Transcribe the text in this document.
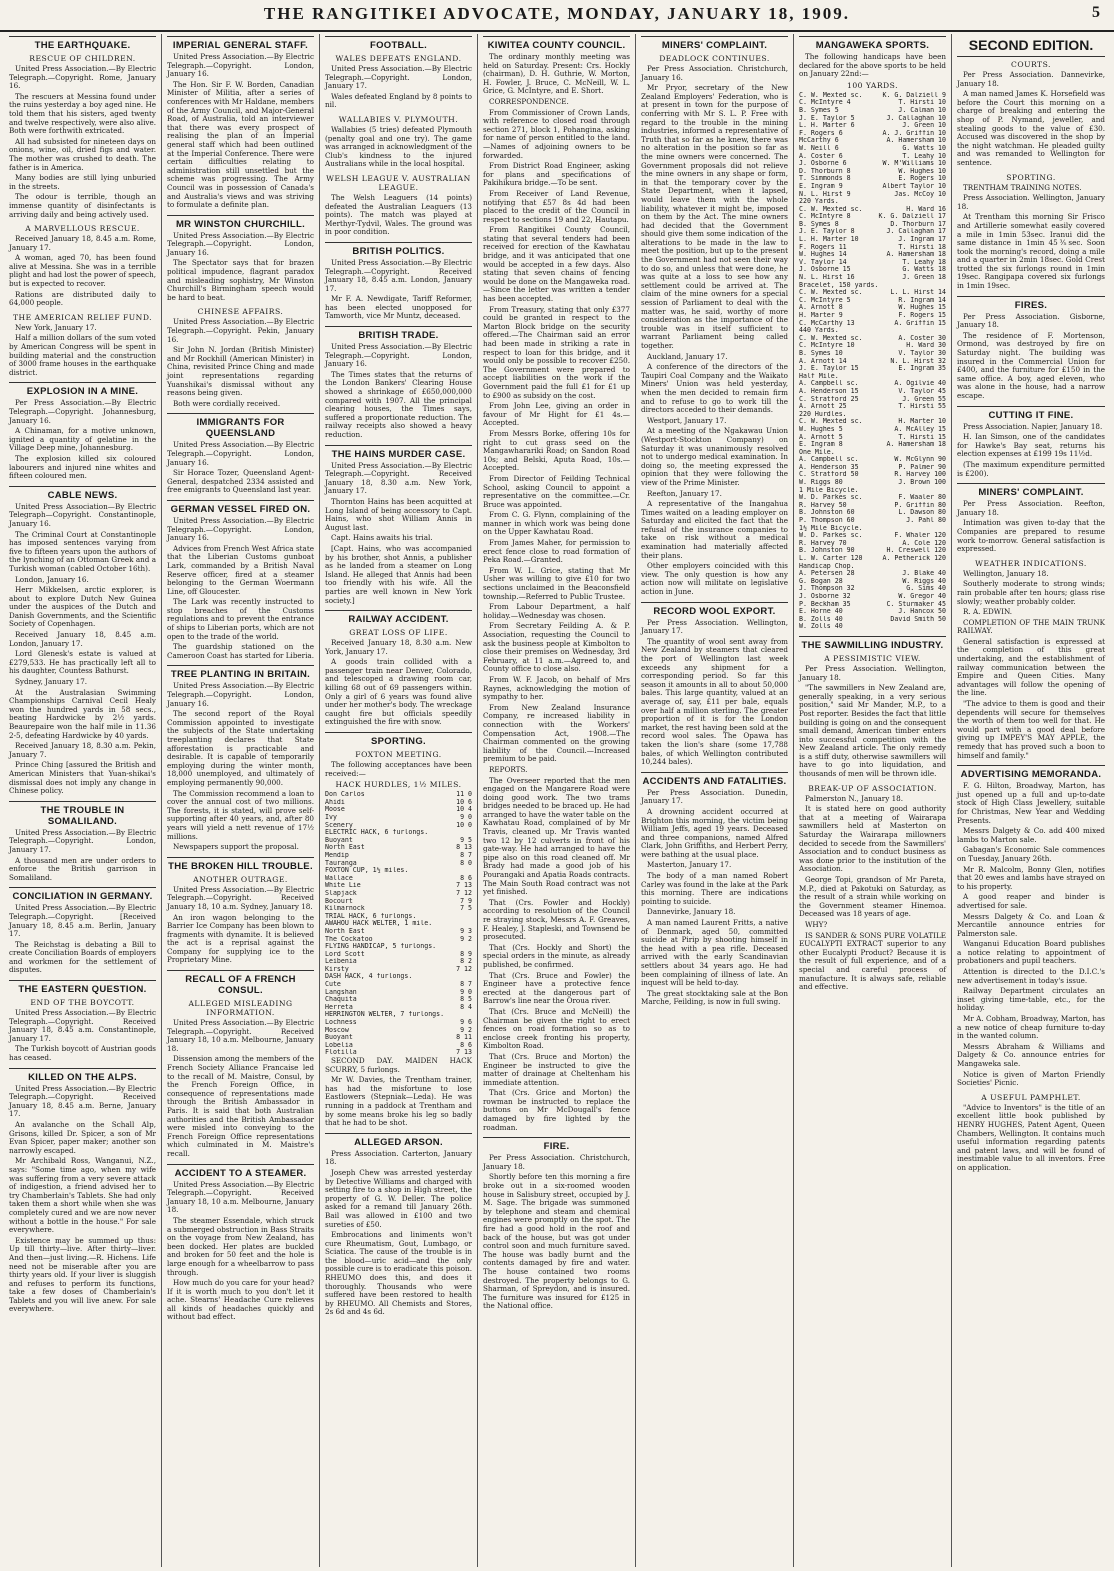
THE RANGITIKEI ADVOCATE, MONDAY, JANUARY 18, 1909.	5
THE EARTHQUAKE.
RESCUE OF CHILDREN.

United Press Association.—By Electric Telegraph.—Copyright. Rome, January 16.

The rescuers at Messina found under the ruins yesterday a boy aged nine. He told them that his sisters, aged twenty and twelve respectively, were also alive. Both were forthwith extricated.

All had subsisted for nineteen days on onions, wine, oil, dried figs and water. The mother was crushed to death. The father is in America.

Many bodies are still lying unburied in the streets.

The odour is terrible, though an immense quantity of disinfectants is arriving daily and being actively used.

A MARVELLOUS RESCUE.

Received January 18, 8.45 a.m. Rome, January 17.

A woman, aged 70, has been found alive at Messina. She was in a terrible plight and had lost the power of speech, but is expected to recover.

Rations are distributed daily to 64,000 people.

THE AMERICAN RELIEF FUND.

New York, January 17.

Half a million dollars of the sum voted by American Congress will be spent in building material and the construction of 3000 frame houses in the earthquake district.

EXPLOSION IN A MINE.

Per Press Association.—By Electric Telegraph.—Copyright. Johannesburg, January 16.

A Chinaman, for a motive unknown, ignited a quantity of gelatine in the Village Deep mine, Johannesburg.

The explosion killed six coloured labourers and injured nine whites and fifteen coloured men.

CABLE NEWS.

United Press Association—By Electric Telegraph—Copyright. Constantinople, January 16.

The Criminal Court at Constantinople has imposed sentences varying from five to fifteen years upon the authors of the lynching of an Ottoman Greek and a Turkish woman (cabled October 16th).

London, January 16.

Herr Mikkelsen, arctic explorer, is about to explore Dutch New Guinea under the auspices of the Dutch and Danish Governments, and the Scientific Society of Copenhagen.

Received January 18, 8.45 a.m. London, January 17.

Lord Glenesk's estate is valued at £279,533. He has practically left all to his daughter, Countess Bathurst.

Sydney, January 17.

At the Australasian Swimming Championships Carnival Cecil Healy won the hundred yards in 58 secs., beating Hardwicke by 2½ yards. Beaurepaire won the half mile in 11.36 2-5, defeating Hardwicke by 40 yards.

Received January 18, 8.30 a.m. Pekin, January 7.

Prince Ching [assured the British and American Ministers that Yuan-shikai's dismissal does not imply any change in Chinese policy.

THE TROUBLE IN SOMALILAND.

United Press Association.—By Electric Telegraph.—Copyright. London, January 17.

A thousand men are under orders to enforce the British garrison in Somaliland.

CONCILIATION IN GERMANY.

United Press Association.—By Electric Telegraph.—Copyright. [Received January 18, 8.45 a.m. Berlin, January 17.

The Reichstag is debating a Bill to create Conciliation Boards of employers and workmen for the settlement of disputes.

THE EASTERN QUESTION.
END OF THE BOYCOTT.

United Press Association.—By Electric Telegraph.—Copyright. Received January 18, 8.45 a.m. Constantinople, January 17.

The Turkish boycott of Austrian goods has ceased.

KILLED ON THE ALPS.

United Press Association.—By Electric Telegraph.—Copyright. Received January 18, 8.45 a.m. Berne, January 17.

An avalanche on the Schall Alp, Grisons, killed Dr. Spicer, a son of Mr Evan Spicer, paper maker; another son narrowly escaped.

Mr Archibald Ross, Wanganui, N.Z., says: "Some time ago, when my wife was suffering from a very severe attack of indigestion, a friend advised her to try Chamberlain's Tablets. She had only taken them a short while when she was completely cured and we are now never without a bottle in the house." For sale everywhere.

Existence may be summed up thus: Up till thirty—live. After thirty—liver. And then—just living.—R. Hichens. Life need not be miserable after you are thirty years old. If your liver is sluggish and refuses to perform its functions, take a few doses of Chamberlain's Tablets and you will live anew. For sale everywhere.

IMPERIAL GENERAL STAFF.

United Press Association.—By Electric Telegraph.—Copyright. London, January 16.

The Hon. Sir F. W. Borden, Canadian Minister of Militia, after a series of conferences with Mr Haldane, members of the Army Council, and Major-General Road, of Australia, told an interviewer that there was every prospect of realising the plan of an Imperial general staff which had been outlined at the Imperial Conference. There were certain difficulties relating to administration still unsettled but the scheme was progressing. The Army Council was in possession of Canada's and Australia's views and was striving to formulate a definite plan.

MR WINSTON CHURCHILL.

United Press Association.—By Electric Telegraph.—Copyright. London, January 16.

The Spectator says that for brazen political impudence, flagrant paradox and misleading sophistry, Mr Winston Churchill's Birmingham speech would be hard to beat.

CHINESE AFFAIRS.

United Press Association.—By Electric Telegraph.—Copyright. Pekin, January 16.

Sir John N. Jordan (British Minister) and Mr Rockhill (American Minister) in China, revisited Prince Ching and made joint representations regarding Yuanshikai's dismissal without any reasons being given.

Both were cordially received.

IMMIGRANTS FOR QUEENSLAND

United Press Association.—By Electric Telegraph.—Copyright. London, January 16.

Sir Horace Tozer, Queensland Agent-General, despatched 2334 assisted and free emigrants to Queensland last year.

GERMAN VESSEL FIRED ON.

United Press Association.—By Electric Telegraph.—Copyright. London, January 16.

Advices from French West Africa state that the Liberian Customs gunboat Lark, commanded by a British Naval Reserve officer, fired at a steamer belonging to the German Woermann Line, off Gloucester.

The Lark was recently instructed to stop breaches of the Customs regulations and to prevent the entrance of ships to Liberian ports, which are not open to the trade of the world.

The guardship stationed on the Cameroon Coast has started for Liberia.

TREE PLANTING IN BRITAIN.

United Press Association.—By Electric Telegraph.—Copyright. London, January 16.

The second report of the Royal Commission appointed to investigate the subjects of the State undertaking treeplanting declares that State afforestation is practicable and desirable. It is capable of temporarily employing during the winter month, 18,000 unemployed, and ultimately of employing permanently 90,000.

The Commission recommend a loan to cover the annual cost of two millions. The forests, it is stated, will prove self-supporting after 40 years, and, after 80 years will yield a nett revenue of 17½ millions.

Newspapers support the proposal.

THE BROKEN HILL TROUBLE.
ANOTHER OUTRAGE.

United Press Association.—By Electric Telegraph.—Copyright. Received January 18, 10 a.m. Sydney, January 18.

An iron wagon belonging to the Barrier Ice Company has been blown to fragments with dynamite. It is believed the act is a reprisal against the Company for supplying ice to the Proprietary Mine.

RECALL OF A FRENCH CONSUL.
ALLEGED MISLEADING INFORMATION.

United Press Association.—By Electric Telegraph.—Copyright. Received January 18, 10 a.m. Melbourne, January 18.

Dissension among the members of the French Society Alliance Francaise led to the recall of M. Maistre, Consul, by the French Foreign Office, in consequence of representations made through the British Ambassador in Paris. It is said that both Australian authorities and the British Ambassador were misled into conveying to the French Foreign Office representations which culminated in M. Maistre's recall.

ACCIDENT TO A STEAMER.

United Press Association.—By Electric Telegraph.—Copyright. Received January 18, 10 a.m. Melbourne, January 18.

The steamer Essendale, which struck a submerged obstruction in Bass Straits on the voyage from New Zealand, has been docked. Her plates are buckled and broken for 50 feet and the hole is large enough for a wheelbarrow to pass through.

How much do you care for your head? If it is worth much to you don't let it ache. Stearns' Headache Cure relieves all kinds of headaches quickly and without bad effect.

FOOTBALL.
WALES DEFEATS ENGLAND.

United Press Association.—By Electric Telegraph.—Copyright. London, January 17.

Wales defeated England by 8 points to nil.

WALLABIES V. PLYMOUTH.

Wallabies (5 tries) defeated Plymouth (penalty goal and one try). The game was arranged in acknowledgment of the Club's kindness to the injured Australians while in the local hospital.

WELSH LEAGUE V. AUSTRALIAN LEAGUE.

The Welsh Leaguers (14 points) defeated the Australian Leaguers (13 points). The match was played at Merthyr-Tydvil, Wales. The ground was in poor condition.

BRITISH POLITICS.

United Press Association.—By Electric Telegraph.—Copyright. Received January 18, 8.45 a.m. London, January 17.

Mr F. A. Newdigate, Tariff Reformer, has been elected unopposed for Tamworth, vice Mr Muntz, deceased.

BRITISH TRADE.

United Press Association.—By Electric Telegraph.—Copyright. London, January 16.

The Times states that the returns of the London Bankers' Clearing House showed a shrinkage of £650,000,000 compared with 1907. All the principal clearing houses, the Times says, suffered a proportionate reduction. The railway receipts also showed a heavy reduction.

THE HAINS MURDER CASE.

United Press Association.—By Electric Telegraph.—Copyright. Received January 18, 8.30 a.m. New York, January 17.

Thornton Hains has been acquitted at Long Island of being accessory to Capt. Hains, who shot William Annis in August last.

Capt. Hains awaits his trial.

[Capt. Hains, who was accompanied by his brother, shot Annis, a publisher as he landed from a steamer on Long Island. He alleged that Annis had been too friendly with his wife. All the parties are well known in New York society.]

RAILWAY ACCIDENT.
GREAT LOSS OF LIFE.

Received January 18, 8.30 a.m. New York, January 17.

A goods train collided with a passenger train near Denver, Colorado, and telescoped a drawing room car, killing 68 out of 69 passengers within. Only a girl of 6 years was found alive under her mother's body. The wreckage caught fire but officials speedily extinguished the fire with snow.

SPORTING.
FOXTON MEETING.

The following acceptances have been received:—

HACK HURDLES, 1½ MILES.
Don Carlos	11 0
Ahidi	10 6
Moose	10 4
Ivy	9 0
Scenery	10 0
ELECTRIC HACK, 6 furlongs.
Buoyant	9 5
North East	8 13
Mendip	8 7
Tauranga	8 0
FOXTON CUP, 1½ miles.
Wallace	8 6
White Lie	7 13
Slapjack	7 12
Bocourt	7 9
Kilmarnock	7 5
TRIAL HACK, 6 furlongs.
AWAHOU HACK WELTER, 1 mile.
North East	9 3
The Cockatoo	9 2
FLYING HANDICAP, 5 furlongs.
Lord Scott	8 9
Leibenia	8 2
Kirsty	7 12
DASH HACK, 4 furlongs.
Cute	8 7
Langshan	9 0
Chaquita	8 5
Herreta	8 4
HERRINGTON WELTER, 7 furlongs.
Lochness	9 6
Moscow	9 2
Buoyant	8 11
Lobelia	8 6
Flotilla	7 13

SECOND DAY. MAIDEN HACK SCURRY, 5 furlongs.

Mr W. Davies, the Trentham trainer, has had the misfortune to lose Eastlowers (Stepniak—Leda). He was running in a paddock at Trentham and by some means broke his leg so badly that he had to be shot.

ALLEGED ARSON.

Press Association. Carterton, January 18.

Joseph Chew was arrested yesterday by Detective Williams and charged with setting fire to a shop in High street, the property of G. W. Deller. The police asked for a remand till January 26th. Bail was allowed in £100 and two sureties of £50.

Embrocations and liniments won't cure Rheumatism, Gout, Lumbago, or Sciatica. The cause of the trouble is in the blood—uric acid—and the only possible cure is to eradicate this poison. RHEUMO does this, and does it thoroughly. Thousands who were suffered have been restored to health by RHEUMO. All Chemists and Stores, 2s 6d and 4s 6d.

KIWITEA COUNTY COUNCIL.

The ordinary monthly meeting was held on Saturday. Present: Crs. Hockly (chairman), D. H. Guthrie, W. Morton, H. Fowler, J. Bruce, C. McNeill, W. L. Grice, G. McIntyre, and E. Short.

CORRESPONDENCE.

From Commissioner of Crown Lands, with reference to closed road through section 271, block 1, Pohangina, asking for name of person entitled to the land.—Names of adjoining owners to be forwarded.

From District Road Engineer, asking for plans and specifications of Pakihikura bridge.—To be sent.

From Receiver of Land Revenue, notifying that £57 8s 4d had been placed to the credit of the Council in respect to sections 19 and 22, Hautapu.

From Rangitikei County Council, stating that several tenders had been received for erection of the Kawhatau bridge, and it was anticipated that one would be accepted in a few days. Also stating that seven chains of fencing would be done on the Mangaweka road.—Since the letter was written a tender has been accepted.

From Treasury, stating that only £377 could be granted in respect to the Marton Block bridge on the security offered.—The Chairman said an error had been made in striking a rate in respect to loan for this bridge, and it would only be possible to recover £250. The Government were prepared to accept liabilities on the work if the Government paid the full £1 for £1 up to £900 as subsidy on the cost.

From John Lee, giving an order in favour of Mr Hight for £1 4s.—Accepted.

From Messrs Borke, offering 10s for right to cut grass seed on the Mangawharariki Road; on Sandon Road 10s; and Belski, Aputa Road, 10s.—Accepted.

From Director of Feilding Technical School, asking Council to appoint a representative on the committee.—Cr. Bruce was appointed.

From C. G. Flynn, complaining of the manner in which work was being done on the Upper Kawhatau Road.

From James Maher, for permission to erect fence close to road formation of Peka Road.—Granted.

From W. L. Grice, stating that Mr Usher was willing to give £10 for two sections unclaimed in the Beaconsfield township.—Referred to Public Trustee.

From Labour Department, a half holiday.—Wednesday was chosen.

From Secretary Feilding A. & P. Association, requesting the Council to ask the business people at Kimbolton to close their premises on Wednesday, 3rd February, at 11 a.m.—Agreed to, and County office to close also.

From W. F. Jacob, on behalf of Mrs Raynes, acknowledging the motion of sympathy to her.

From New Zealand Insurance Company, re increased liability in connection with the Workers' Compensation Act, 1908.—The Chairman commented on the growing liability of the Council.—Increased premium to be paid.

REPORTS.

The Overseer reported that the men engaged on the Mangarere Road were doing good work. The two trams bridges needed to be braced up. He had arranged to have the water table on the Kawhatau Road, complained of by Mr Travis, cleaned up. Mr Travis wanted two 12 by 12 culverts in front of his gate-way. He had arranged to have the pipe also on this road cleaned off. Mr Brady had made a good job of his Pourangaki and Apatia Roads contracts. The Main South Road contract was not yet finished.

That (Crs. Fowler and Hockly) according to resolution of the Council re straying stock, Messrs A. F. Greaves, F. Healey, J. Stapleski, and Townsend be prosecuted.

That (Crs. Hockly and Short) the special orders in the minute, as already published, be confirmed.

That (Crs. Bruce and Fowler) the Engineer have a protective fence erected at the dangerous part of Barrow's line near the Oroua river.

That (Crs. Bruce and McNeill) the Chairman be given the right to erect fences on road formation so as to enclose creek fronting his property, Kimbolton Road.

That (Crs. Bruce and Morton) the Engineer be instructed to give the matter of drainage at Cheltenham his immediate attention.

That (Crs. Grice and Morton) the rowman be instructed to replace the buttons on Mr McDougall's fence damaged by fire lighted by the roadman.

FIRE.

Per Press Association. Christchurch, January 18.

Shortly before ten this morning a fire broke out in a six-roomed wooden house in Salisbury street, occupied by J. M. Sage. The brigade was summoned by telephone and steam and chemical engines were promptly on the spot. The fire had a good hold in the roof and back of the house, but was got under control soon and much furniture saved. The house was badly burnt and the contents damaged by fire and water. The house contained two rooms destroyed. The property belongs to G. Sharman, of Spreydon, and is insured. The furniture was insured for £125 in the National office.

MINERS' COMPLAINT.
DEADLOCK CONTINUES.

Per Press Association. Christchurch, January 16.

Mr Pryor, secretary of the New Zealand Employers' Federation, who is at present in town for the purpose of conferring with Mr S. L. P. Free with regard to the trouble in the mining industries, informed a representative of Truth that so far as he knew, there was no alteration in the position so far as the mine owners were concerned. The Government proposals did not relieve the mine owners in any shape or form, in that the temporary cover by the State Department, when it lapsed, would leave them with the whole liability, whatever it might be, imposed on them by the Act. The mine owners had decided that the Government should give them some indication of the alterations to be made in the law to meet the position, but up to the present the Government had not seen their way to do so, and unless that were done, he was quite at a loss to see how any settlement could be arrived at. The claim of the mine owners for a special session of Parliament to deal with the matter was, he said, worthy of more consideration as the importance of the trouble was in itself sufficient to warrant Parliament being called together.

Auckland, January 17.

A conference of the directors of the Taupiri Coal Company and the Waikato Miners' Union was held yesterday, when the men decided to remain firm and to refuse to go to work till the directors acceded to their demands.

Westport, January 17.

At a meeting of the Ngakawau Union (Westport-Stockton Company) on Saturday it was unanimously resolved not to undergo medical examination. In doing so, the meeting expressed the opinion that they were following the view of the Prime Minister.

Reefton, January 17.

A representative of the Inangahua Times waited on a leading employer on Saturday and elicited the fact that the refusal of the insurance companies to take on risk without a medical examination had materially affected their plans.

Other employers coincided with this view. The only question is how any action now will militate on legislative action in June.

RECORD WOOL EXPORT.

Per Press Association. Wellington, January 17.

The quantity of wool sent away from New Zealand by steamers that cleared the port of Wellington last week exceeds any shipment for a corresponding period. So far this season it amounts in all to about 50,000 bales. This large quantity, valued at an average of, say, £11 per bale, equals over half a million sterling. The greater proportion of it is for the London market, the rest having been sold at the record wool sales. The Opawa has taken the lion's share (some 17,788 bales, of which Wellington contributed 10,244 bales).

ACCIDENTS AND FATALITIES.

Per Press Association. Dunedin, January 17.

A drowning accident occurred at Brighton this morning, the victim being William Jeffs, aged 19 years. Deceased and three companions, named Alfred Clark, John Griffiths, and Herbert Perry, were bathing at the usual place.

Masterton, January 17.

The body of a man named Robert Carley was found in the lake at the Park this morning. There are indications pointing to suicide.

Dannevirke, January 18.

A man named Laurent Fritts, a native of Denmark, aged 50, committed suicide at Pirip by shooting himself in the head with a pea rifle. Deceased arrived with the early Scandinavian settlers about 34 years ago. He had been complaining of illness of late. An inquest will be held to-day.

The great stocktaking sale at the Bon Marche, Feilding, is now in full swing.

MANGAWEKA SPORTS.

The following handicaps have been declared for the above sports to be held on January 22nd:—

100 YARDS.
C. W. Mexted sc.	K. G. Dalziell 9
C. McIntyre 4	T. Hirsti 10
B. Symes 5	J. Calman 10
J. E. Taylor 5	J. Callaghan 10
L. H. Marter 6	J. Green 10
F. Rogers 6	A. J. Griffin 10
McCarthy 6	A. Hamersham 10
W. Neill 6	G. Watts 10
A. Coster 6	T. Leahy 10
J. Osborne 6	W. M'Williams 10
D. Thorburn 8	W. Hughes 10
T. Simmonds 8	E. Rogers 10
E. Ingram 9	Albert Taylor 10
N. L. Hirst 9	Jas. McCoy 10
220 Yards.
C. W. Mexted sc.	H. Ward 16
C. McIntyre 8	K. G. Dalziell 17
B. Symes 8	D. Thorburn 17
J. E. Taylor 8	J. Callaghan 17
L. H. Marter 10	J. Ingram 17
F. Rogers 11	T. Hirsti 18
W. Hughes 14	A. Hamersham 18
V. Taylor 14	T. Leahy 18
J. Osborne 15	G. Watts 18
N. L. Hirst 16	J. Green 18
Bracelet, 150 yards.
C. W. Mexted sc.	L. L. Hirst 14
C. McIntyre 5	R. Ingram 14
A. Arnott 8	W. Hughes 15
H. Marter 9	F. Rogers 15
C. McCarthy 13	A. Griffin 15
440 Yards.
C. W. Mexted sc.	A. Coster 30
C. McIntyre 10	H. Ward 30
B. Symes 10	V. Taylor 30
A. Arnott 14	N. L. Hirst 32
J. E. Taylor 15	E. Ingram 35
Half Mile.
A. Campbell sc.	A. Ogilvie 40
A. Henderson 15	V. Taylor 45
C. Stratford 25	J. Green 55
A. Arnott 25	T. Hirsti 55
220 Hurdles.
C. W. Mexted sc.	H. Marter 10
W. Hughes 5	A. McAlley 15
A. Arnott 5	T. Hirsti 15
E. Ingram 8	A. Hamersham 18
One Mile.
A. Campbell sc.	W. McGlynn 90
A. Henderson 35	P. Palmer 90
C. Stratford 50	R. Harvey 100
W. Riggs 80	J. Brown 100
1 Mile Bicycle.
W. D. Parkes sc.	F. Waaler 80
R. Harvey 50	P. Griffin 80
B. Johnston 60	L. Dawson 80
P. Thompson 60	J. Pahl 80
1½ Mile Bicycle.
W. D. Parkes sc.	F. Whaler 120
R. Harvey 70	A. Cole 120
B. Johnston 90	H. Creswell 120
L. W. Carter 120	A. Petherick 120
Handicap Chop.
A. Petersen 28	J. Blake 40
G. Bogan 28	W. Riggs 40
J. Thompson 32	G. Sims 40
J. Osborne 32	W. Gregor 40
P. Beckham 35	C. Sturmaker 45
E. Horne 40	J. Hancox 50
B. Zolls 40	David Smith 50
W. Zolls 40
THE SAWMILLING INDUSTRY.
A PESSIMISTIC VIEW.

Per Press Association. Wellington, January 18.

"The sawmillers in New Zealand are, generally speaking, in a very serious position," said Mr Mander, M.P., to a Post reporter. Besides the fact that little building is going on and the consequent small demand, American timber enters into successful competition with the New Zealand article. The only remedy is a stiff duty, otherwise sawmillers will have to go into liquidation, and thousands of men will be thrown idle.

BREAK-UP OF ASSOCIATION.

Palmerston N., January 18.

It is stated here on good authority that at a meeting of Wairarapa sawmillers held at Masterton on Saturday the Wairarapa millowners decided to secede from the Sawmillers' Association and to conduct business as was done prior to the institution of the Association.

George Topi, grandson of Mr Pareta, M.P., died at Pakotuki on Saturday, as the result of a strain while working on the Government steamer Hinemoa. Deceased was 18 years of age.

WHY?

IS SANDER & SONS PURE VOLATILE EUCALYPTI EXTRACT superior to any other Eucalypti Product? Because it is the result of full experience, and of a special and careful process of manufacture. It is always safe, reliable and effective.

SECOND EDITION.
COURTS.

Per Press Association. Dannevirke, January 18.

A man named James K. Horsefield was before the Court this morning on a charge of breaking and entering the shop of P. Nymand, jeweller, and stealing goods to the value of £30. Accused was discovered in the shop by the night watchman. He pleaded guilty and was remanded to Wellington for sentence.

SPORTING.

TRENTHAM TRAINING NOTES.

Press Association. Wellington, January 18.

At Trentham this morning Sir Frisco and Artillerie somewhat easily covered a mile in 1min 53sec. Iranui did the same distance in 1min 45⅗sec. Soon took the morning's record, doing a mile and a quarter in 2min 18sec. Gold Crest trotted the six furlongs round in 1min 19sec. Rangipapa covered six furlongs in 1min 19sec.

FIRES.

Per Press Association. Gisborne, January 18.

The residence of F. Mortenson, Ormond, was destroyed by fire on Saturday night. The building was insured in the Commercial Union for £400, and the furniture for £150 in the same office. A boy, aged eleven, who was alone in the house, had a narrow escape.

CUTTING IT FINE.

Press Association. Napier, January 18.

H. Ian Simson, one of the candidates for Hawke's Bay seat, returns his election expenses at £199 19s 11½d.

(The maximum expenditure permitted is £200).

MINERS' COMPLAINT.

Per Press Association. Reefton, January 18.

Intimation was given to-day that the Companies are prepared to resume work to-morrow. General satisfaction is expressed.

WEATHER INDICATIONS.

Wellington, January 18.

Southerly moderate to strong winds; rain probable after ten hours; glass rise slowly; weather probably colder.

R. A. EDWIN.

COMPLETION OF THE MAIN TRUNK RAILWAY.

General satisfaction is expressed at the completion of this great undertaking, and the establishment of railway communication between the Empire and Queen Cities. Many advantages will follow the opening of the line.

"The advice to them is good and their dependents will secure for themselves the worth of them too well for that. He would part with a good deal before giving up IMPEY'S MAY APPLE, the remedy that has proved such a boon to himself and family."

ADVERTISING MEMORANDA.

F. G. Hilton, Broadway, Marton, has just opened up a full and up-to-date stock of High Class Jewellery, suitable for Christmas, New Year and Wedding Presents.

Messrs Dalgety & Co. add 400 mixed lambs to Marton sale.

Gabagan's Economic Sale commences on Tuesday, January 26th.

Mr R. Malcolm, Bonny Glen, notifies that 20 ewes and lambs have strayed on to his property.

A good reaper and binder is advertised for sale.

Messrs Dalgety & Co. and Loan & Mercantile announce entries for Palmerston sale.

Wanganui Education Board publishes a notice relating to appointment of probationers and pupil teachers.

Attention is directed to the D.I.C.'s new advertisement in today's issue.

Railway Department circulates an inset giving time-table, etc., for the holiday.

Mr A. Cobham, Broadway, Marton, has a new notice of cheap furniture to-day in the wanted column.

Messrs Abraham & Williams and Dalgety & Co. announce entries for Mangaweka sale.

Notice is given of Marton Friendly Societies' Picnic.

A USEFUL PAMPHLET.

"Advice to Inventors" is the title of an excellent little book published by HENRY HUGHES, Patent Agent, Queen Chambers, Wellington. It contains much useful information regarding patents and patent laws, and will be found of inestimable value to all inventors. Free on application.
